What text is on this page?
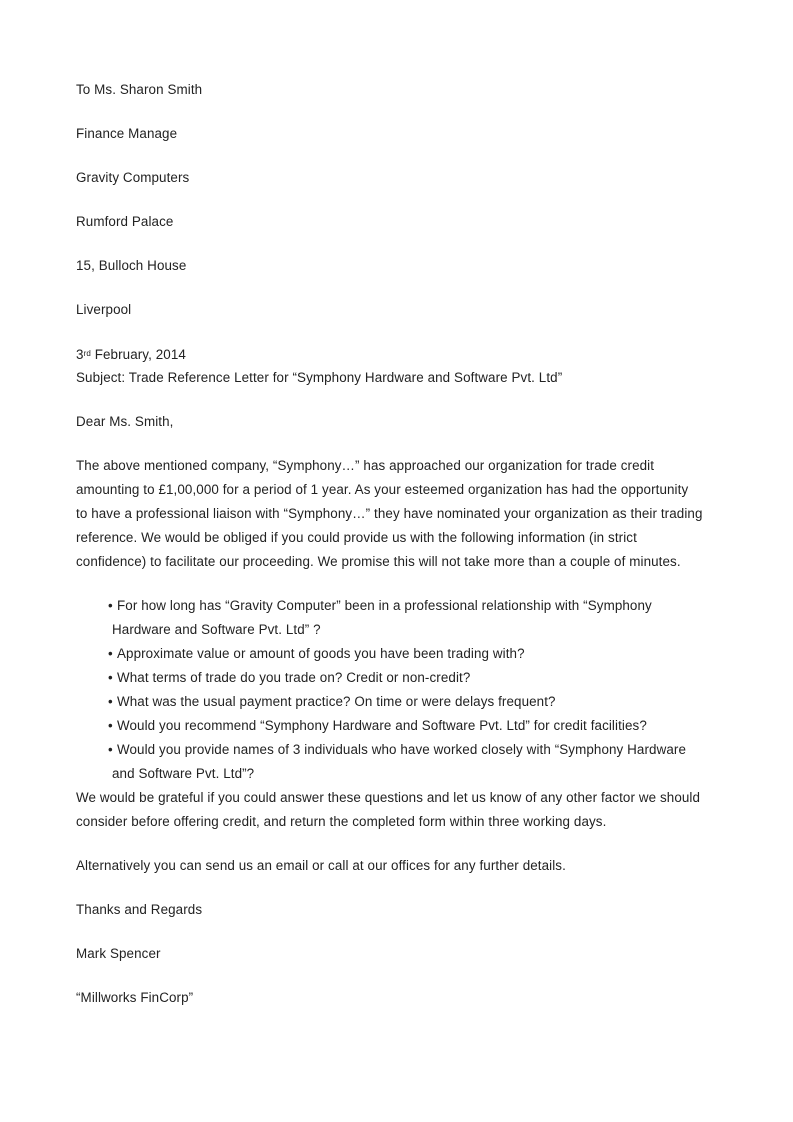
To Ms. Sharon Smith
Finance Manage
Gravity Computers
Rumford Palace
15, Bulloch House
Liverpool
3rd February, 2014
Subject: Trade Reference Letter for “Symphony Hardware and Software Pvt. Ltd”
Dear Ms. Smith,
The above mentioned company, “Symphony…” has approached our organization for trade credit
amounting to £1,00,000 for a period of 1 year. As your esteemed organization has had the opportunity
to have a professional liaison with “Symphony…” they have nominated your organization as their trading
reference. We would be obliged if you could provide us with the following information (in strict
confidence) to facilitate our proceeding. We promise this will not take more than a couple of minutes.
• For how long has “Gravity Computer” been in a professional relationship with “Symphony
Hardware and Software Pvt. Ltd” ?
• Approximate value or amount of goods you have been trading with?
• What terms of trade do you trade on? Credit or non-credit?
• What was the usual payment practice? On time or were delays frequent?
• Would you recommend “Symphony Hardware and Software Pvt. Ltd” for credit facilities?
• Would you provide names of 3 individuals who have worked closely with “Symphony Hardware
and Software Pvt. Ltd”?
We would be grateful if you could answer these questions and let us know of any other factor we should
consider before offering credit, and return the completed form within three working days.
Alternatively you can send us an email or call at our offices for any further details.
Thanks and Regards
Mark Spencer
“Millworks FinCorp”
